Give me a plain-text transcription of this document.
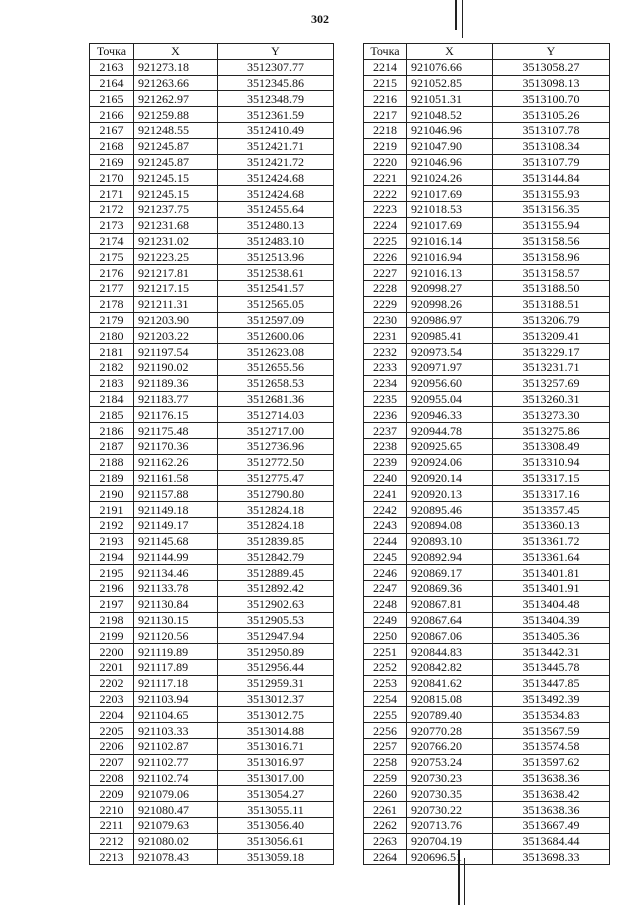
302
Точка	X	Y
2163	921273.18	3512307.77
2164	921263.66	3512345.86
2165	921262.97	3512348.79
2166	921259.88	3512361.59
2167	921248.55	3512410.49
2168	921245.87	3512421.71
2169	921245.87	3512421.72
2170	921245.15	3512424.68
2171	921245.15	3512424.68
2172	921237.75	3512455.64
2173	921231.68	3512480.13
2174	921231.02	3512483.10
2175	921223.25	3512513.96
2176	921217.81	3512538.61
2177	921217.15	3512541.57
2178	921211.31	3512565.05
2179	921203.90	3512597.09
2180	921203.22	3512600.06
2181	921197.54	3512623.08
2182	921190.02	3512655.56
2183	921189.36	3512658.53
2184	921183.77	3512681.36
2185	921176.15	3512714.03
2186	921175.48	3512717.00
2187	921170.36	3512736.96
2188	921162.26	3512772.50
2189	921161.58	3512775.47
2190	921157.88	3512790.80
2191	921149.18	3512824.18
2192	921149.17	3512824.18
2193	921145.68	3512839.85
2194	921144.99	3512842.79
2195	921134.46	3512889.45
2196	921133.78	3512892.42
2197	921130.84	3512902.63
2198	921130.15	3512905.53
2199	921120.56	3512947.94
2200	921119.89	3512950.89
2201	921117.89	3512956.44
2202	921117.18	3512959.31
2203	921103.94	3513012.37
2204	921104.65	3513012.75
2205	921103.33	3513014.88
2206	921102.87	3513016.71
2207	921102.77	3513016.97
2208	921102.74	3513017.00
2209	921079.06	3513054.27
2210	921080.47	3513055.11
2211	921079.63	3513056.40
2212	921080.02	3513056.61
2213	921078.43	3513059.18
Точка	X	Y
2214	921076.66	3513058.27
2215	921052.85	3513098.13
2216	921051.31	3513100.70
2217	921048.52	3513105.26
2218	921046.96	3513107.78
2219	921047.90	3513108.34
2220	921046.96	3513107.79
2221	921024.26	3513144.84
2222	921017.69	3513155.93
2223	921018.53	3513156.35
2224	921017.69	3513155.94
2225	921016.14	3513158.56
2226	921016.94	3513158.96
2227	921016.13	3513158.57
2228	920998.27	3513188.50
2229	920998.26	3513188.51
2230	920986.97	3513206.79
2231	920985.41	3513209.41
2232	920973.54	3513229.17
2233	920971.97	3513231.71
2234	920956.60	3513257.69
2235	920955.04	3513260.31
2236	920946.33	3513273.30
2237	920944.78	3513275.86
2238	920925.65	3513308.49
2239	920924.06	3513310.94
2240	920920.14	3513317.15
2241	920920.13	3513317.16
2242	920895.46	3513357.45
2243	920894.08	3513360.13
2244	920893.10	3513361.72
2245	920892.94	3513361.64
2246	920869.17	3513401.81
2247	920869.36	3513401.91
2248	920867.81	3513404.48
2249	920867.64	3513404.39
2250	920867.06	3513405.36
2251	920844.83	3513442.31
2252	920842.82	3513445.78
2253	920841.62	3513447.85
2254	920815.08	3513492.39
2255	920789.40	3513534.83
2256	920770.28	3513567.59
2257	920766.20	3513574.58
2258	920753.24	3513597.62
2259	920730.23	3513638.36
2260	920730.35	3513638.42
2261	920730.22	3513638.36
2262	920713.76	3513667.49
2263	920704.19	3513684.44
2264	920696.51	3513698.33
